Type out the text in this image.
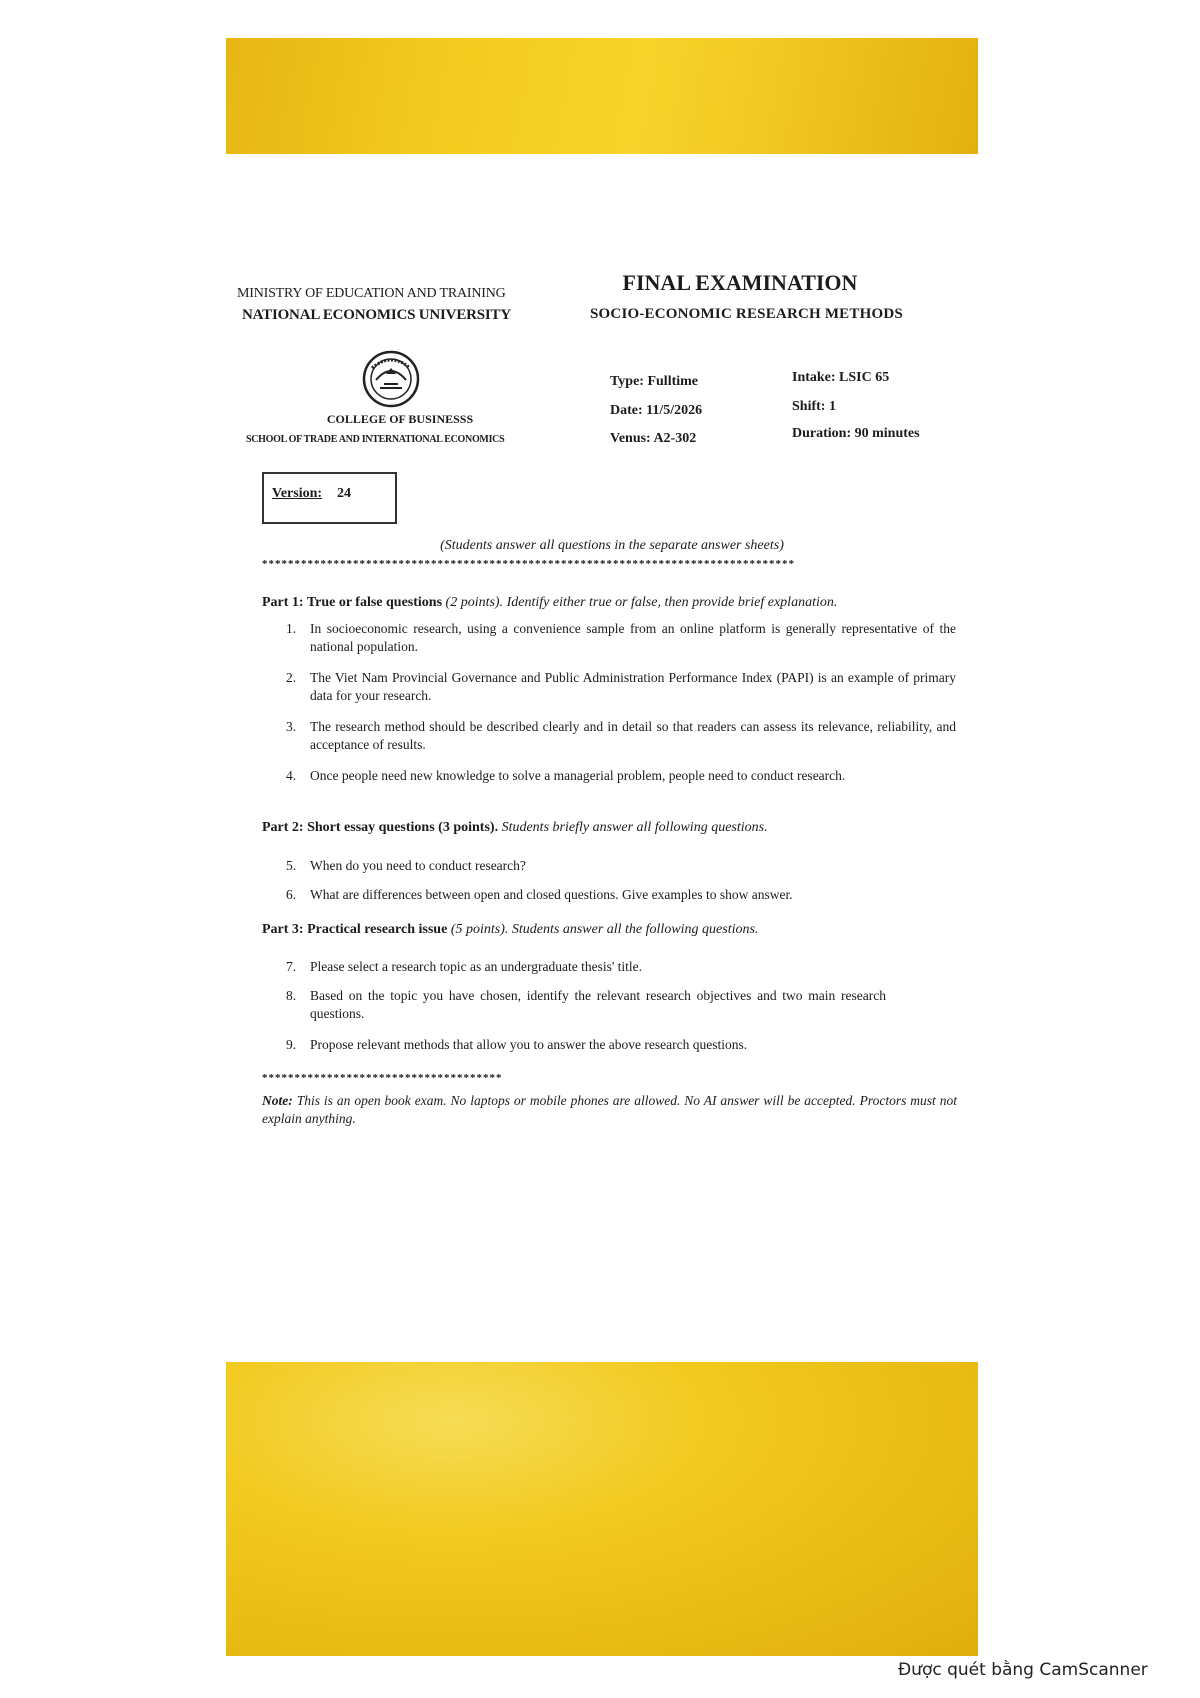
MINISTRY OF EDUCATION AND TRAINING
NATIONAL ECONOMICS UNIVERSITY
COLLEGE OF BUSINESSS
SCHOOL OF TRADE AND INTERNATIONAL ECONOMICS
FINAL EXAMINATION
SOCIO-ECONOMIC RESEARCH METHODS
Type: Fulltime
Date: 11/5/2026
Venus: A2-302
Intake: LSIC 65
Shift: 1
Duration: 90 minutes
Version: 24
(Students answer all questions in the separate answer sheets)
**********************************************************************************
Part 1: True or false questions (2 points). Identify either true or false, then provide brief explanation.
1.	In socioeconomic research, using a convenience sample from an online platform is generally representative of the national population.
2.	The Viet Nam Provincial Governance and Public Administration Performance Index (PAPI) is an example of primary data for your research.
3.	The research method should be described clearly and in detail so that readers can assess its relevance, reliability, and acceptance of results.
4.	Once people need new knowledge to solve a managerial problem, people need to conduct research.
Part 2: Short essay questions (3 points). Students briefly answer all following questions.
5.	When do you need to conduct research?
6.	What are differences between open and closed questions. Give examples to show answer.
Part 3: Practical research issue (5 points). Students answer all the following questions.
7.	Please select a research topic as an undergraduate thesis' title.
8.	Based on the topic you have chosen, identify the relevant research objectives and two main research questions.
9.	Propose relevant methods that allow you to answer the above research questions.
*************************************
Note: This is an open book exam. No laptops or mobile phones are allowed. No AI answer will be accepted. Proctors must not explain anything.
Được quét bằng CamScanner
